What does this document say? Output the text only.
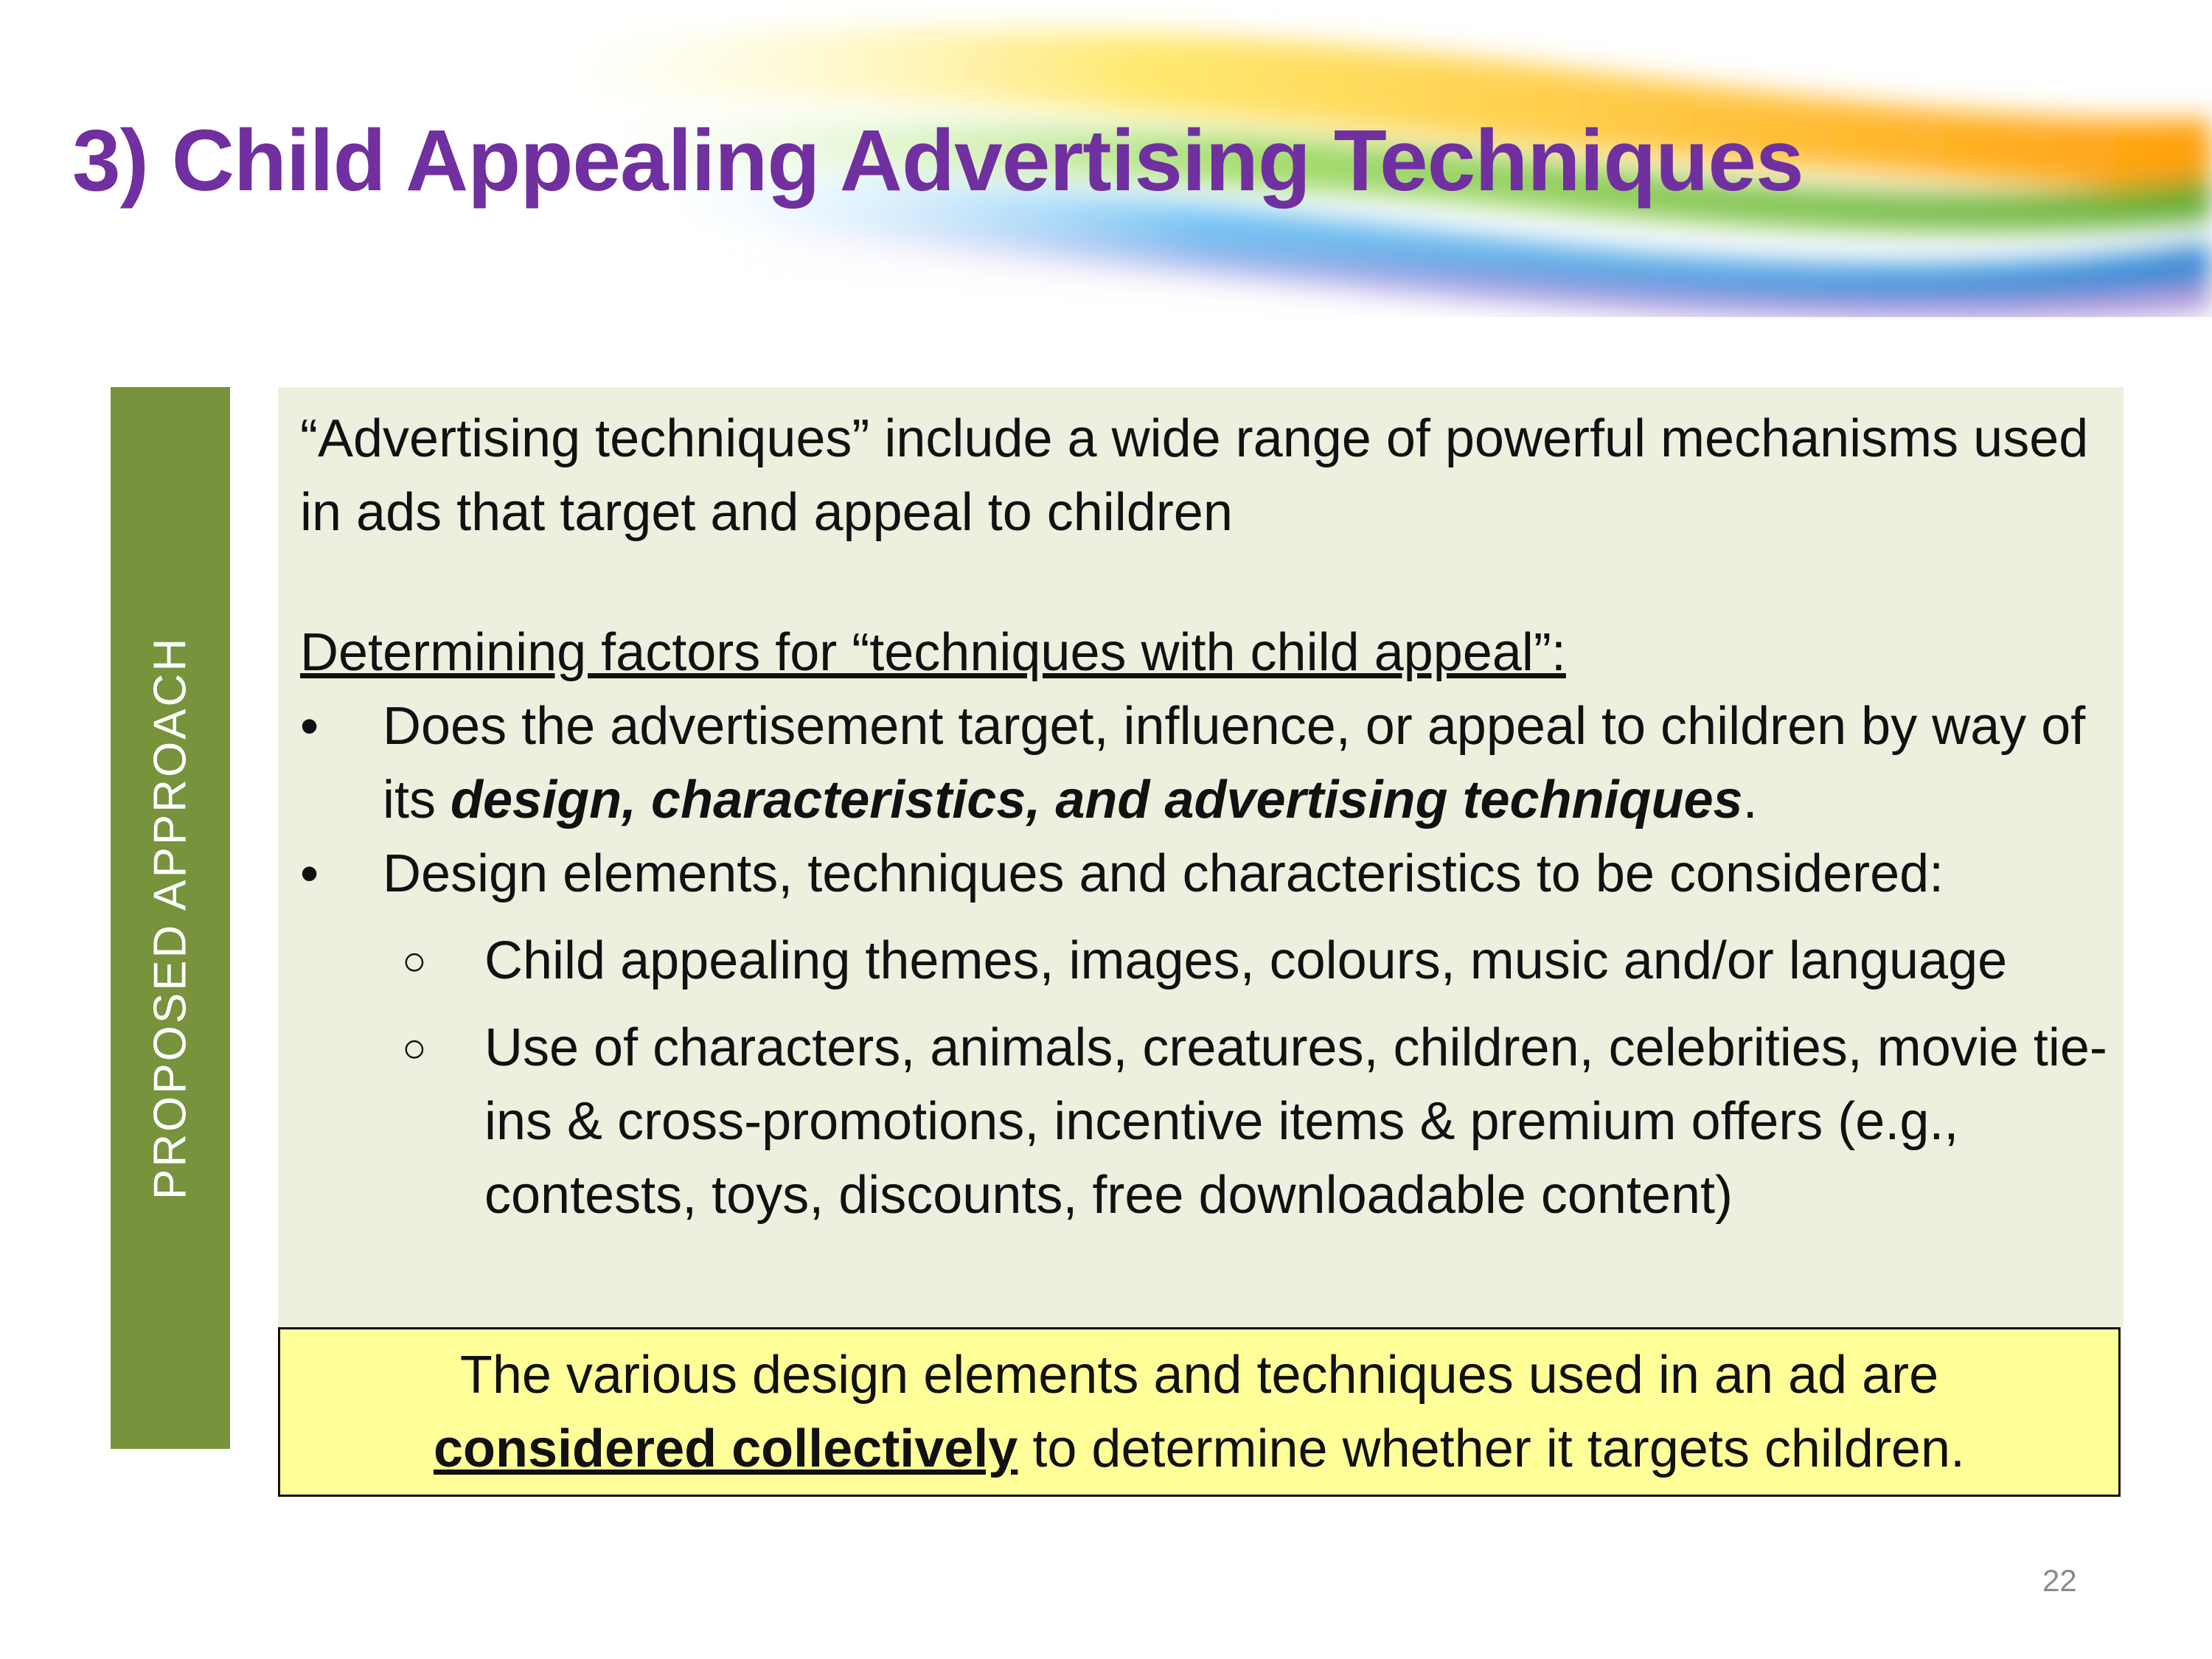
3) Child Appealing Advertising Techniques
PROPOSED APPROACH

“Advertising techniques” include a wide range of powerful mechanisms used in ads that target and appeal to children

Determining factors for “techniques with child appeal”:

•	Does the advertisement target, influence, or appeal to children by way of its design, characteristics, and advertising techniques.
•	Design elements, techniques and characteristics to be considered:
○	Child appealing themes, images, colours, music and/or language
○	Use of characters, animals, creatures, children, celebrities, movie tie-ins & cross-promotions, incentive items & premium offers (e.g., contests, toys, discounts, free downloadable content)
The various design elements and techniques used in an ad are
considered collectively to determine whether it targets children.
22
